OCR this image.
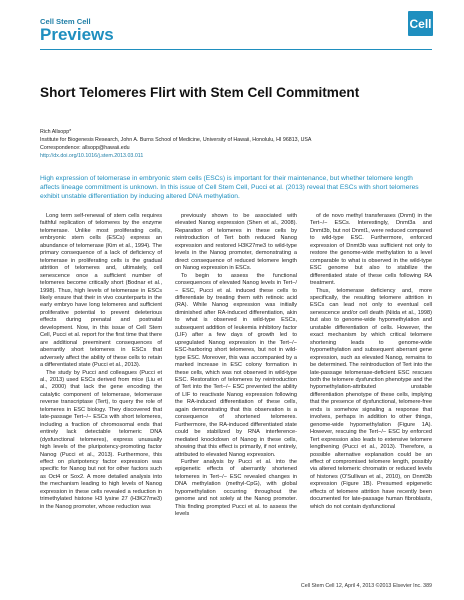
Cell Stem Cell
Previews
Cell
Short Telomeres Flirt with Stem Cell Commitment
Rich Allsopp*
Institute for Biogenesis Research, John A. Burns School of Medicine, University of Hawaii, Honolulu, HI 96813, USA
Correspondence: allsopp@hawaii.edu
http://dx.doi.org/10.1016/j.stem.2013.03.011
High expression of telomerase in embryonic stem cells (ESCs) is important for their maintenance, but whether telomere length affects lineage commitment is unknown. In this issue of Cell Stem Cell, Pucci et al. (2013) reveal that ESCs with short telomeres exhibit unstable differentiation by inducing altered DNA methylation.

Long term self-renewal of stem cells requires faithful replication of telomeres by the enzyme telomerase. Unlike most proliferating cells, embryonic stem cells (ESCs) express an abundance of telomerase (Kim et al., 1994). The primary consequence of a lack of deficiency of telomerase in proliferating cells is the gradual attrition of telomeres and, ultimately, cell senescence once a sufficient number of telomeres become critically short (Bodnar et al., 1998). Thus, high levels of telomerase in ESCs likely ensure that their in vivo counterparts in the early embryo have long telomeres and sufficient proliferative potential to prevent deleterious effects during prenatal and postnatal development. Now, in this issue of Cell Stem Cell, Pucci et al. report for the first time that there are additional preeminent consequences of aberrantly short telomeres in ESCs that adversely affect the ability of these cells to retain a differentiated state (Pucci et al., 2013).

The study by Pucci and colleagues (Pucci et al., 2013) used ESCs derived from mice (Liu et al., 2000) that lack the gene encoding the catalytic component of telomerase, telomerase reverse transcriptase (Tert), to query the role of telomeres in ESC biology. They discovered that late-passage Tert−/− ESCs with short telomeres, including a fraction of chromosomal ends that entirely lack detectable telomeric DNA (dysfunctional telomeres), express unusually high levels of the pluripotency-promoting factor Nanog (Pucci et al., 2013). Furthermore, this effect on pluripotency factor expression was specific for Nanog but not for other factors such as Oct4 or Sox2. A more detailed analysis into the mechanism leading to high levels of Nanog expression in these cells revealed a reduction in trimethylated histone H3 lysine 27 (H3K27me3) in the Nanog promoter, whose reduction was

previously shown to be associated with elevated Nanog expression (Shen et al., 2008). Reparation of telomeres in these cells by reintroduction of Tert both reduced Nanog expression and restored H3K27me3 to wild-type levels in the Nanog promoter, demonstrating a direct consequence of reduced telomere length on Nanog expression in ESCs.

To begin to assess the functional consequences of elevated Nanog levels in Tert−/− ESC, Pucci et al. induced these cells to differentiate by treating them with retinoic acid (RA). While Nanog expression was initially diminished after RA-induced differentiation, akin to what is observed in wild-type ESCs, subsequent addition of leukemia inhibitory factor (LIF) after a few days of growth led to upregulated Nanog expression in the Tert−/− ESC-harboring short telomeres, but not in wild-type ESC. Moreover, this was accompanied by a marked increase in ESC colony formation in these cells, which was not observed in wild-type ESC. Restoration of telomeres by reintroduction of Tert into the Tert−/− ESC prevented the ability of LIF to reactivate Nanog expression following the RA-induced differentiation of these cells, again demonstrating that this observation is a consequence of shortened telomeres. Furthermore, the RA-induced differentiated state could be stabilized by RNA interference-mediated knockdown of Nanog in these cells, showing that this effect is primarily, if not entirely, attributed to elevated Nanog expression.

Further analysis by Pucci et al. into the epigenetic effects of aberrantly shortened telomeres in Tert−/− ESC revealed changes in DNA methylation (methyl-CpG), with global hypomethylation occurring throughout the genome and not solely at the Nanog promoter. This finding prompted Pucci et al. to assess the levels

of de novo methyl transferases (Dnmt) in the Tert−/− ESCs. Interestingly, Dnmt3a and Dnmt3b, but not Dnmt1, were reduced compared to wild-type ESC. Furthermore, enforced expression of Dnmt3b was sufficient not only to restore the genome-wide methylation to a level comparable to what is observed in the wild-type ESC genome but also to stabilize the differentiated state of these cells following RA treatment.

Thus, telomerase deficiency and, more specifically, the resulting telomere attrition in ESCs can lead not only to eventual cell senescence and/or cell death (Niida et al., 1998) but also to genome-wide hypomethylation and unstable differentiation of cells. However, the exact mechanism by which critical telomere shortening leads to genome-wide hypomethylation and subsequent aberrant gene expression, such as elevated Nanog, remains to be determined. The reintroduction of Tert into the late-passage telomerase-deficient ESC rescues both the telomere dysfunction phenotype and the hypomethylation-attributed unstable differentiation phenotype of these cells, implying that the presence of dysfunctional, telomere-free ends is somehow signaling a response that involves, perhaps in addition to other things, genome-wide hypomethylation (Figure 1A). However, rescuing the Tert−/− ESC by enforced Tert expression also leads to extensive telomere lengthening (Pucci et al., 2013). Therefore, a possible alternative explanation could be an effect of compromised telomere length, possibly via altered telomeric chromatin or reduced levels of histones (O'Sullivan et al., 2010), on Dnmt3b expression (Figure 1B). Presumed epigenetic effects of telomere attrition have recently been documented for late-passage human fibroblasts, which do not contain dysfunctional

Cell Stem Cell 12, April 4, 2013 ©2013 Elsevier Inc. 389
